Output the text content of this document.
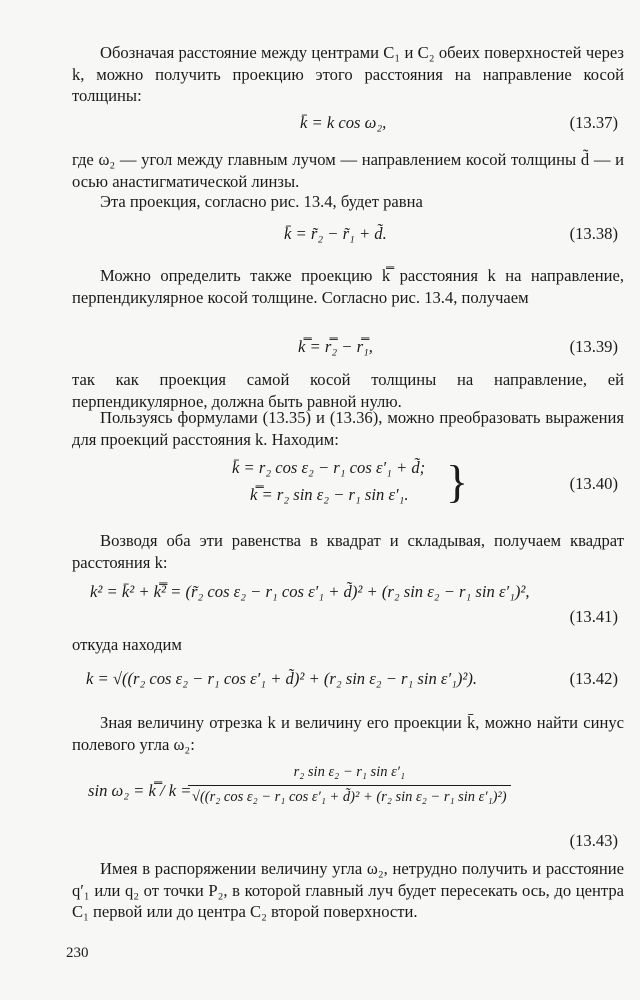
Обозначая расстояние между центрами C₁ и C₂ обеих поверхностей через k, можно получить проекцию этого расстояния на направление косой толщины:
k̄ = k cos ω₂,	(13.37)
где ω₂ — угол между главным лучом — направлением косой толщины d̃ — и осью анастигматической линзы.
Эта проекция, согласно рис. 13.4, будет равна
k̄ = r̃₂ − r̃₁ + d̃.	(13.38)
Можно определить также проекцию k̿ расстояния k на направление, перпендикулярное косой толщине. Согласно рис. 13.4, получаем
k̿ = r̿₂ − r̿₁,	(13.39)
так как проекция самой косой толщины на направление, ей перпендикулярное, должна быть равной нулю.
Пользуясь формулами (13.35) и (13.36), можно преобразовать выражения для проекций расстояния k. Находим:
k̄ = r₂ cos ε₂ − r₁ cos ε′₁ + d̃;
k̿ = r₂ sin ε₂ − r₁ sin ε′₁. }	(13.40)
Возводя оба эти равенства в квадрат и складывая, получаем квадрат расстояния k:
k² = k̄² + k̿² = (r̃₂ cos ε₂ − r₁ cos ε′₁ + d̃)² + (r₂ sin ε₂ − r₁ sin ε′₁)²,
(13.41)
откуда находим
k = √((r₂ cos ε₂ − r₁ cos ε′₁ + d̃)² + (r₂ sin ε₂ − r₁ sin ε′₁)²).	(13.42)
Зная величину отрезка k и величину его проекции k̄, можно найти синус полевого угла ω₂:
sin ω₂ = k̿ / k =
r₂ sin ε₂ − r₁ sin ε′₁
√((r₂ cos ε₂ − r₁ cos ε′₁ + d̃)² + (r₂ sin ε₂ − r₁ sin ε′₁)²)
(13.43)
Имея в распоряжении величину угла ω₂, нетрудно получить и расстояние q′₁ или q₂ от точки P₂, в которой главный луч будет пересекать ось, до центра C₁ первой или до центра C₂ второй поверхности.
230
